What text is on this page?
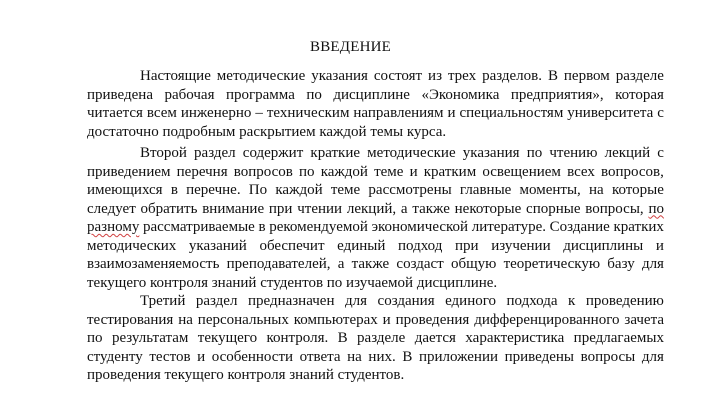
ВВЕДЕНИЕ
Настоящие методические указания состоят из трех разделов. В первом разделе
приведена рабочая программа по дисциплине «Экономика предприятия», которая
читается всем инженерно – техническим направлениям и специальностям университета с
достаточно подробным раскрытием каждой темы курса.
Второй раздел содержит краткие методические указания по чтению лекций с
приведением перечня вопросов по каждой теме и кратким освещением всех вопросов,
имеющихся в перечне. По каждой теме рассмотрены главные моменты, на которые
следует обратить внимание при чтении лекций, а также некоторые спорные вопросы, по
разному рассматриваемые в рекомендуемой экономической литературе. Создание кратких
методических указаний обеспечит единый подход при изучении дисциплины и
взаимозаменяемость преподавателей, а также создаст общую теоретическую базу для
текущего контроля знаний студентов по изучаемой дисциплине.
Третий раздел предназначен для создания единого подхода к проведению
тестирования на персональных компьютерах и проведения дифференцированного зачета
по результатам текущего контроля. В разделе дается характеристика предлагаемых
студенту тестов и особенности ответа на них. В приложении приведены вопросы для
проведения текущего контроля знаний студентов.
